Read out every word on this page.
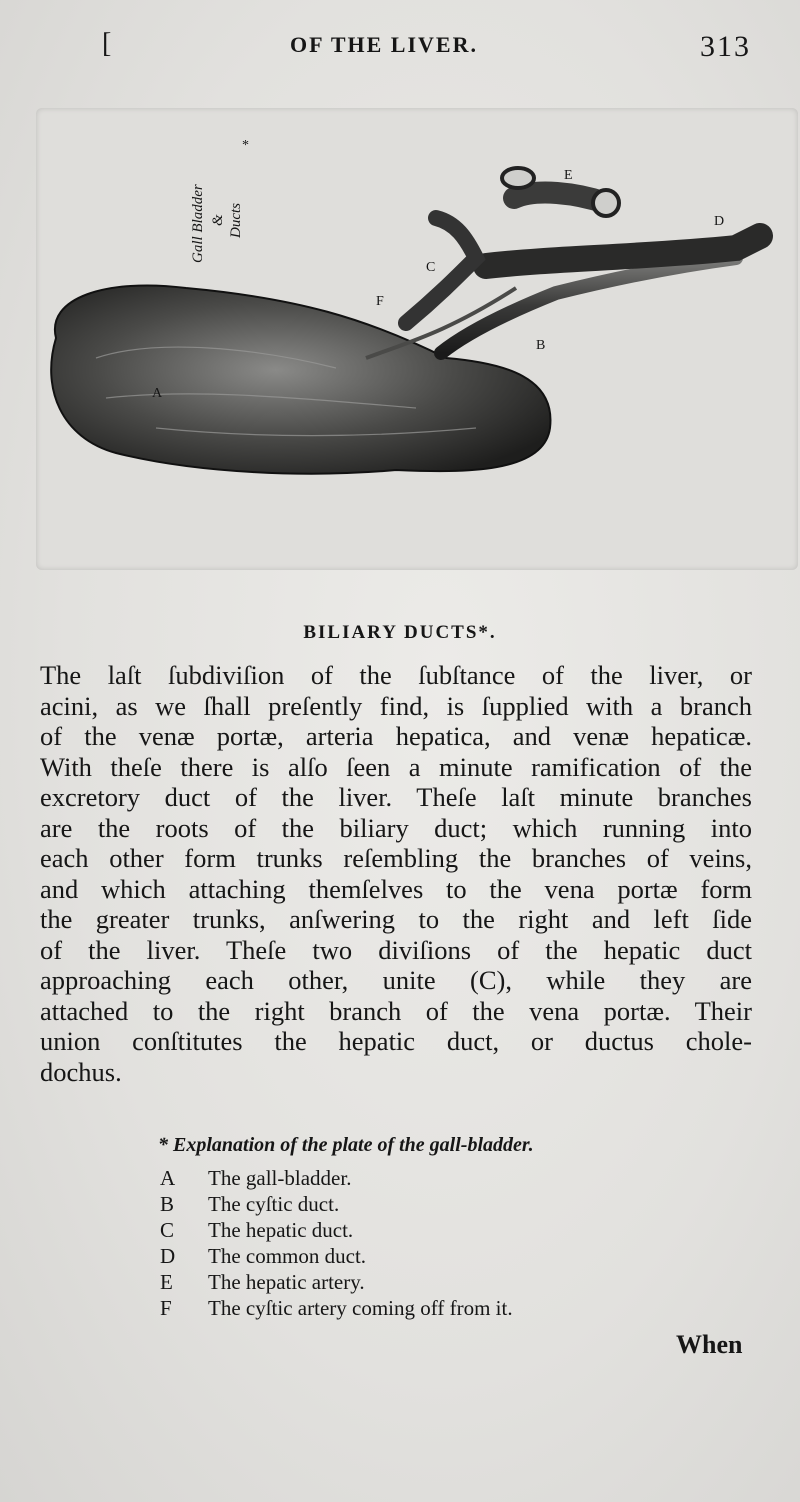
[	OF THE LIVER.	313
Gall Bladder & Ducts
*
A
B
C
D
E
F
BILIARY DUCTS*.
The laſt ſubdiviſion of the ſubſtance of the liver, or
acini, as we ſhall preſently find, is ſupplied with a branch
of the venæ portæ, arteria hepatica, and venæ hepaticæ.
With theſe there is alſo ſeen a minute ramification of the
excretory duct of the liver. Theſe laſt minute branches
are the roots of the biliary duct; which running into
each other form trunks reſembling the branches of veins,
and which attaching themſelves to the vena portæ form
the greater trunks, anſwering to the right and left ſide
of the liver. Theſe two diviſions of the hepatic duct
approaching each other, unite (C), while they are
attached to the right branch of the vena portæ. Their
union conſtitutes the hepatic duct, or ductus chole-
dochus.
* Explanation of the plate of the gall-bladder.
A	The gall-bladder.
B	The cyſtic duct.
C	The hepatic duct.
D	The common duct.
E	The hepatic artery.
F	The cyſtic artery coming off from it.
When
